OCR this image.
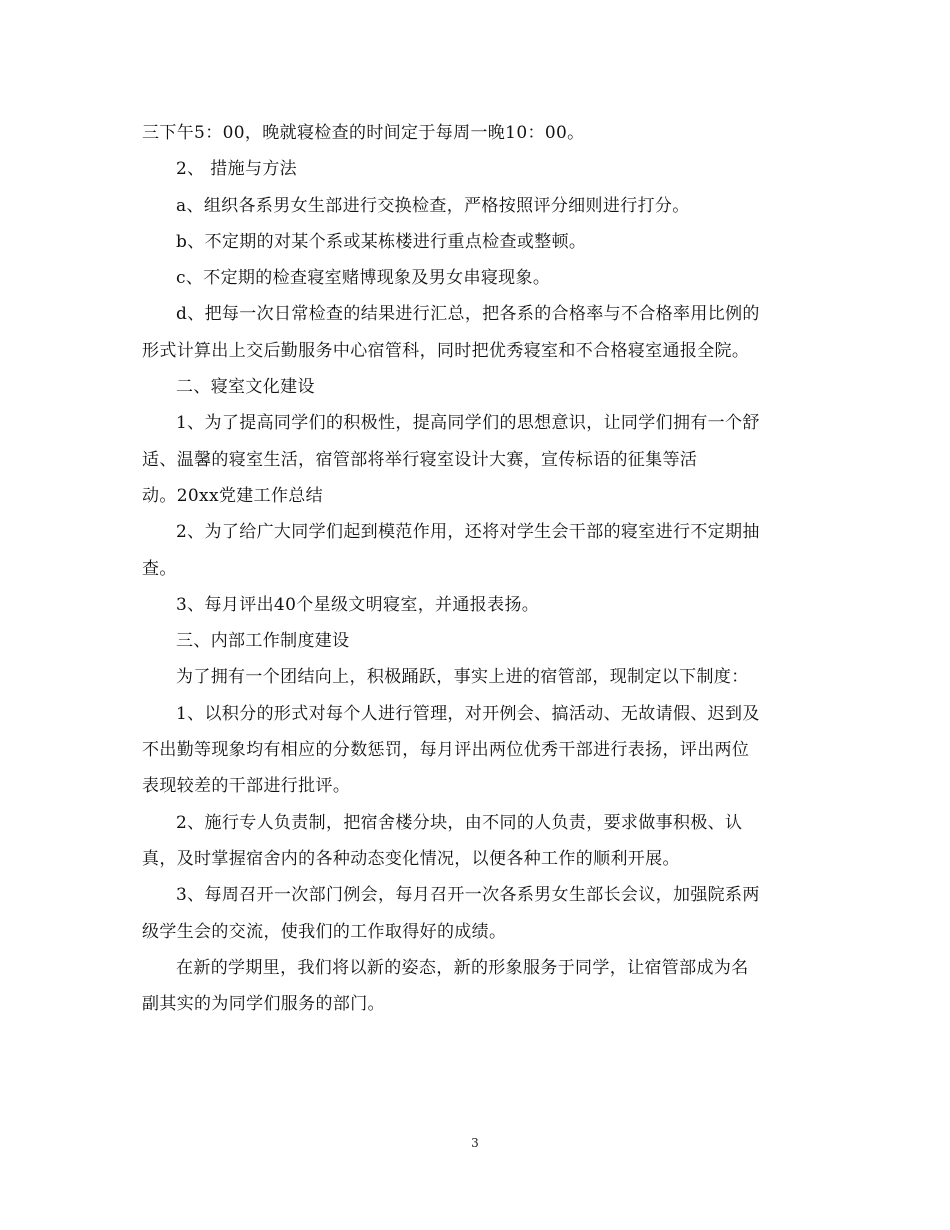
三下午5：00，晚就寝检查的时间定于每周一晚10：00。
2、 措施与方法
a、组织各系男女生部进行交换检查，严格按照评分细则进行打分。
b、不定期的对某个系或某栋楼进行重点检查或整顿。
c、不定期的检查寝室赌博现象及男女串寝现象。
d、把每一次日常检查的结果进行汇总，把各系的合格率与不合格率用比例的
形式计算出上交后勤服务中心宿管科，同时把优秀寝室和不合格寝室通报全院。
二、寝室文化建设
1、为了提高同学们的积极性，提高同学们的思想意识，让同学们拥有一个舒
适、温馨的寝室生活，宿管部将举行寝室设计大赛，宣传标语的征集等活
动。20xx党建工作总结
2、为了给广大同学们起到模范作用，还将对学生会干部的寝室进行不定期抽
查。
3、每月评出40个星级文明寝室，并通报表扬。
三、内部工作制度建设
为了拥有一个团结向上，积极踊跃，事实上进的宿管部，现制定以下制度：
1、以积分的形式对每个人进行管理，对开例会、搞活动、无故请假、迟到及
不出勤等现象均有相应的分数惩罚，每月评出两位优秀干部进行表扬，评出两位
表现较差的干部进行批评。
2、施行专人负责制，把宿舍楼分块，由不同的人负责，要求做事积极、认
真，及时掌握宿舍内的各种动态变化情况，以便各种工作的顺利开展。
3、每周召开一次部门例会，每月召开一次各系男女生部长会议，加强院系两
级学生会的交流，使我们的工作取得好的成绩。
在新的学期里，我们将以新的姿态，新的形象服务于同学，让宿管部成为名
副其实的为同学们服务的部门。
3
